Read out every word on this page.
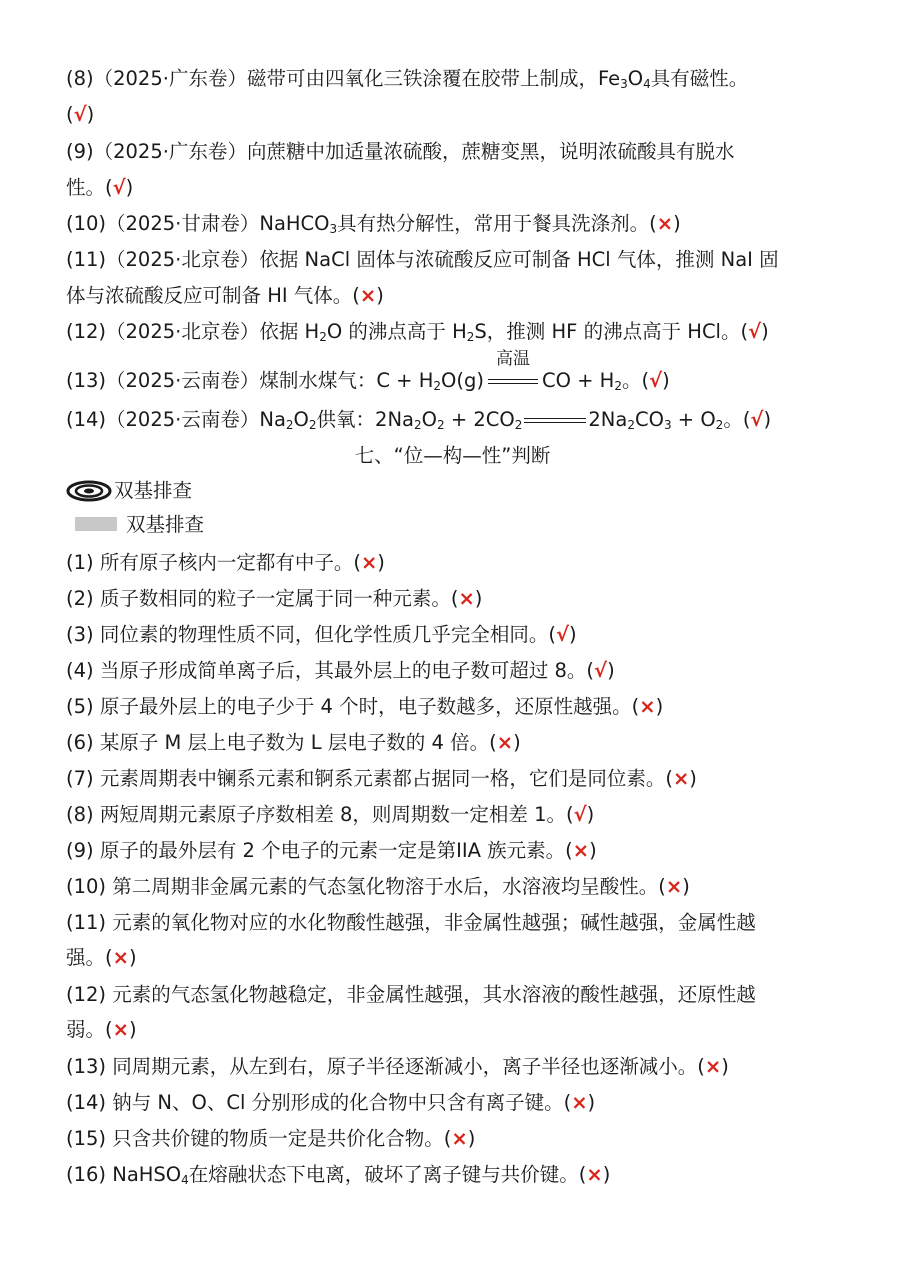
(8)（2025·广东卷）磁带可由四氧化三铁涂覆在胶带上制成，$Fe_3O_4$具有磁性。
(√)
(9)（2025·广东卷）向蔗糖中加适量浓硫酸，蔗糖变黑，说明浓硫酸具有脱水
性。(√)
(10)（2025·甘肃卷）NaHCO$_3$具有热分解性，常用于餐具洗涤剂。(×)
(11)（2025·北京卷）依据 NaCl 固体与浓硫酸反应可制备 HCl 气体，推测 NaI 固
体与浓硫酸反应可制备 HI 气体。(×)
(12)（2025·北京卷）依据 $H_2O$ 的沸点高于 $H_2S$，推测 HF 的沸点高于 HCl。(√)
(13)（2025·云南卷）煤制水煤气：$C + H_2O(g)$
高温
CO + $H_2$。(√)
(14)（2025·云南卷）$Na_2O_2$供氧：$2Na_2O_2 + 2CO_2$	$2Na_2CO_3 + O_2$。(√)
七、“位—构—性”判断
双基排查
双基排查
(1) 所有原子核内一定都有中子。(×)
(2) 质子数相同的粒子一定属于同一种元素。(×)
(3) 同位素的物理性质不同，但化学性质几乎完全相同。(√)
(4) 当原子形成简单离子后，其最外层上的电子数可超过 8。(√)
(5) 原子最外层上的电子少于 4 个时，电子数越多，还原性越强。(×)
(6) 某原子 M 层上电子数为 L 层电子数的 4 倍。(×)
(7) 元素周期表中镧系元素和锕系元素都占据同一格，它们是同位素。(×)
(8) 两短周期元素原子序数相差 8，则周期数一定相差 1。(√)
(9) 原子的最外层有 2 个电子的元素一定是第IIA 族元素。(×)
(10) 第二周期非金属元素的气态氢化物溶于水后，水溶液均呈酸性。(×)
(11) 元素的氧化物对应的水化物酸性越强，非金属性越强；碱性越强，金属性越
强。(×)
(12) 元素的气态氢化物越稳定，非金属性越强，其水溶液的酸性越强，还原性越
弱。(×)
(13) 同周期元素，从左到右，原子半径逐渐减小，离子半径也逐渐减小。(×)
(14) 钠与 N、O、Cl 分别形成的化合物中只含有离子键。(×)
(15) 只含共价键的物质一定是共价化合物。(×)
(16) NaHSO$_4$在熔融状态下电离，破坏了离子键与共价键。(×)
